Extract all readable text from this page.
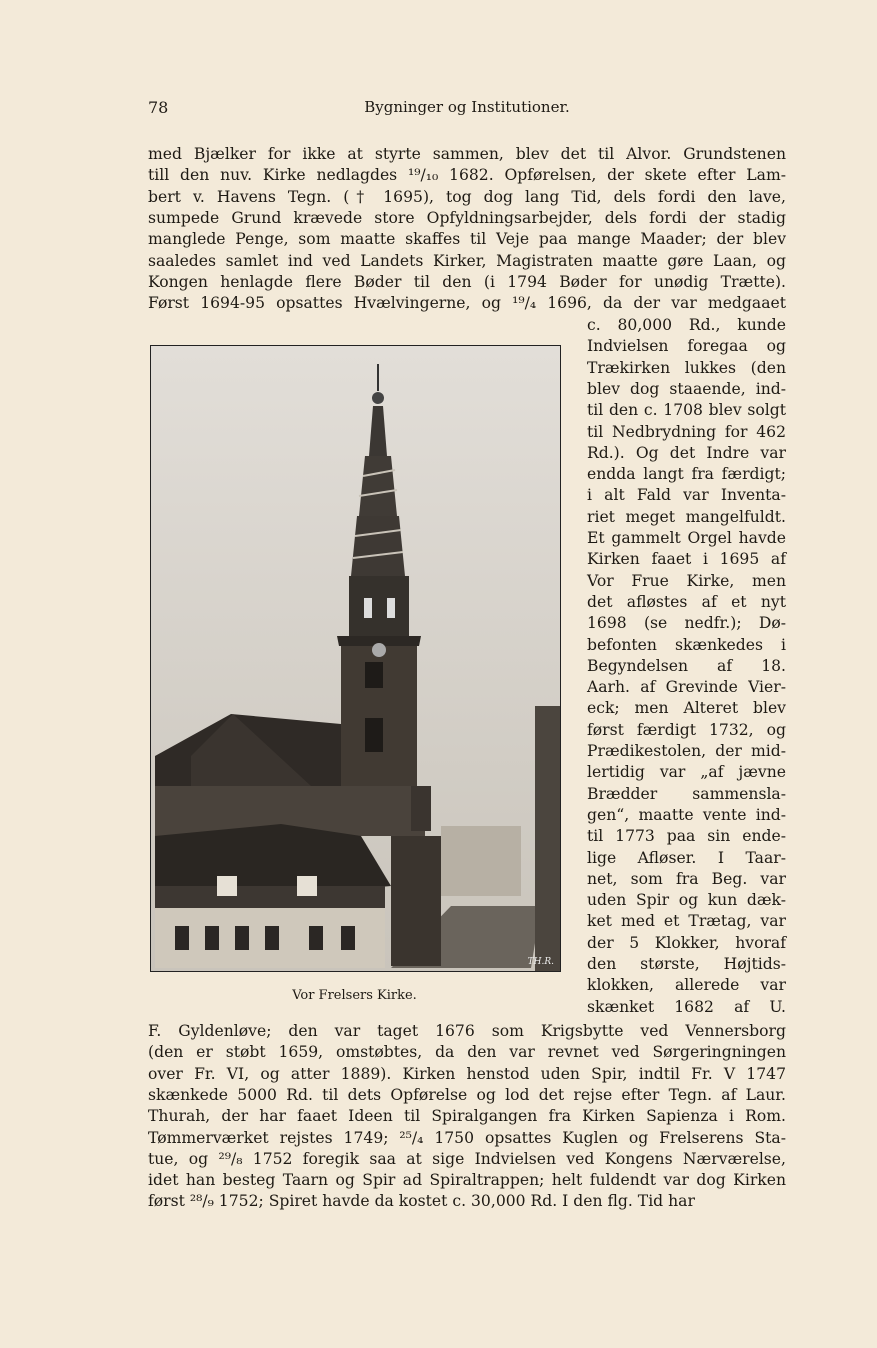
78	Bygninger og Institutioner.
med Bjælker for ikke at styrte sammen, blev det til Alvor. Grundstenen
till den nuv. Kirke nedlagdes ¹⁹/₁₀ 1682. Opførelsen, der skete efter Lam-
bert v. Havens Tegn. († 1695), tog dog lang Tid, dels fordi den lave,
sumpede Grund krævede store Opfyldningsarbejder, dels fordi der stadig
manglede Penge, som maatte skaffes til Veje paa mange Maader; der blev
saaledes samlet ind ved Landets Kirker, Magistraten maatte gøre Laan, og
Kongen henlagde flere Bøder til den (i 1794 Bøder for unødig Trætte).
Først 1694-95 opsattes Hvælvingerne, og ¹⁹/₄ 1696, da der var medgaaet
c. 80,000 Rd., kunde
Indvielsen foregaa og
Trækirken lukkes (den
blev dog staaende, ind-
til den c. 1708 blev solgt
til Nedbrydning for 462
Rd.). Og det Indre var
endda langt fra færdigt;
i alt Fald var Inventa-
riet meget mangelfuldt.
Et gammelt Orgel havde
Kirken faaet i 1695 af
Vor Frue Kirke, men
det afløstes af et nyt
1698 (se nedfr.); Dø-
befonten skænkedes i
Begyndelsen af 18.
Aarh. af Grevinde Vier-
eck; men Alteret blev
først færdigt 1732, og
Prædikestolen, der mid-
lertidig var „af jævne
Brædder sammensla-
gen“, maatte vente ind-
til 1773 paa sin ende-
lige Afløser. I Taar-
net, som fra Beg. var
uden Spir og kun dæk-
ket med et Trætag, var
der 5 Klokker, hvoraf
den største, Højtids-
klokken, allerede var
skænket 1682 af U.
F. Gyldenløve; den var taget 1676 som Krigsbytte ved Vennersborg
(den er støbt 1659, omstøbtes, da den var revnet ved Sørgeringningen
over Fr. VI, og atter 1889). Kirken henstod uden Spir, indtil Fr. V 1747
skænkede 5000 Rd. til dets Opførelse og lod det rejse efter Tegn. af Laur.
Thurah, der har faaet Ideen til Spiralgangen fra Kirken Sapienza i Rom.
Tømmerværket rejstes 1749; ²⁵/₄ 1750 opsattes Kuglen og Frelserens Sta-
tue, og ²⁹/₈ 1752 foregik saa at sige Indvielsen ved Kongens Nærværelse,
idet han besteg Taarn og Spir ad Spiraltrappen; helt fuldendt var dog Kirken
først ²⁸/₉ 1752; Spiret havde da kostet c. 30,000 Rd. I den flg. Tid har
TH.R.
Vor Frelsers Kirke.
